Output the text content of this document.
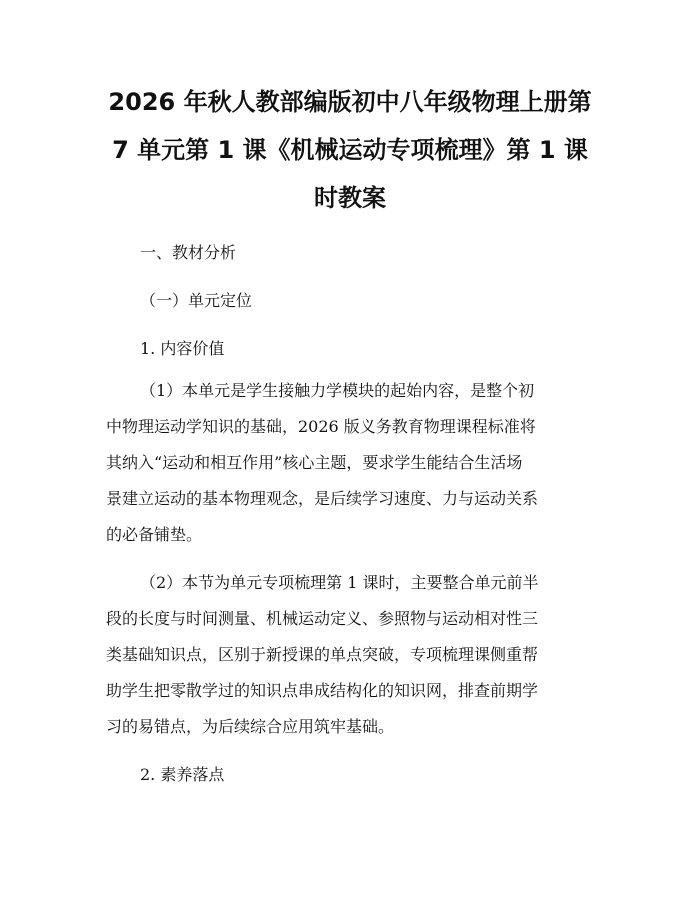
2026 年秋人教部编版初中八年级物理上册第
7 单元第 1 课《机械运动专项梳理》第 1 课
时教案
一、教材分析
（一）单元定位
1. 内容价值
（1）本单元是学生接触力学模块的起始内容，是整个初
中物理运动学知识的基础，2026 版义务教育物理课程标准将
其纳入“运动和相互作用”核心主题，要求学生能结合生活场
景建立运动的基本物理观念，是后续学习速度、力与运动关系
的必备铺垫。
（2）本节为单元专项梳理第 1 课时，主要整合单元前半
段的长度与时间测量、机械运动定义、参照物与运动相对性三
类基础知识点，区别于新授课的单点突破，专项梳理课侧重帮
助学生把零散学过的知识点串成结构化的知识网，排查前期学
习的易错点，为后续综合应用筑牢基础。
2. 素养落点
